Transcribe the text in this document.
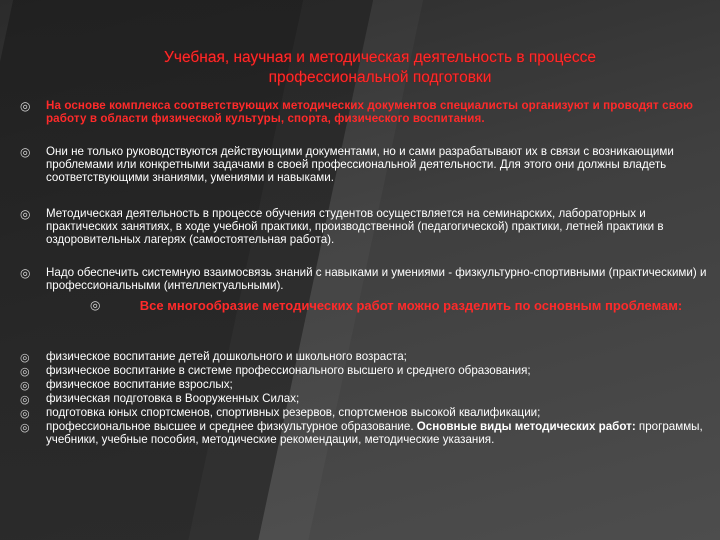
Учебная, научная и методическая деятельность в процессе
профессиональной подготовки
◎	На основе комплекса соответствующих методических документов специалисты организуют и проводят свою работу в области физической культуры, спорта, физического воспитания.
◎	Они не только руководствуются действующими документами, но и сами разрабатывают их в связи с возникающими проблемами или конкретными задачами в своей профессиональной деятельности. Для этого они должны владеть соответствующими знаниями, умениями и навыками.
◎	Методическая деятельность в процессе обучения студентов осуществляется на семинарских, лабораторных и практических занятиях, в ходе учебной практики, производственной (педагогической) практики, летней практики в оздоровительных лагерях (самостоятельная работа).
◎	Надо обеспечить системную взаимосвязь знаний с навыками и умениями - физкультурно-спортивными (практическими) и профессиональными (интеллектуальными).
◎	Все многообразие методических работ можно разделить по основным проблемам:
◎	физическое воспитание детей дошкольного и школьного возраста;
◎	физическое воспитание в системе профессионального высшего и среднего образования;
◎	физическое воспитание взрослых;
◎	физическая подготовка в Вооруженных Силах;
◎	подготовка юных спортсменов, спортивных резервов, спортсменов высокой квалификации;
◎	профессиональное высшее и среднее физкультурное образование. Основные виды методических работ: программы, учебники, учебные пособия, методические рекомендации, методические указания.
